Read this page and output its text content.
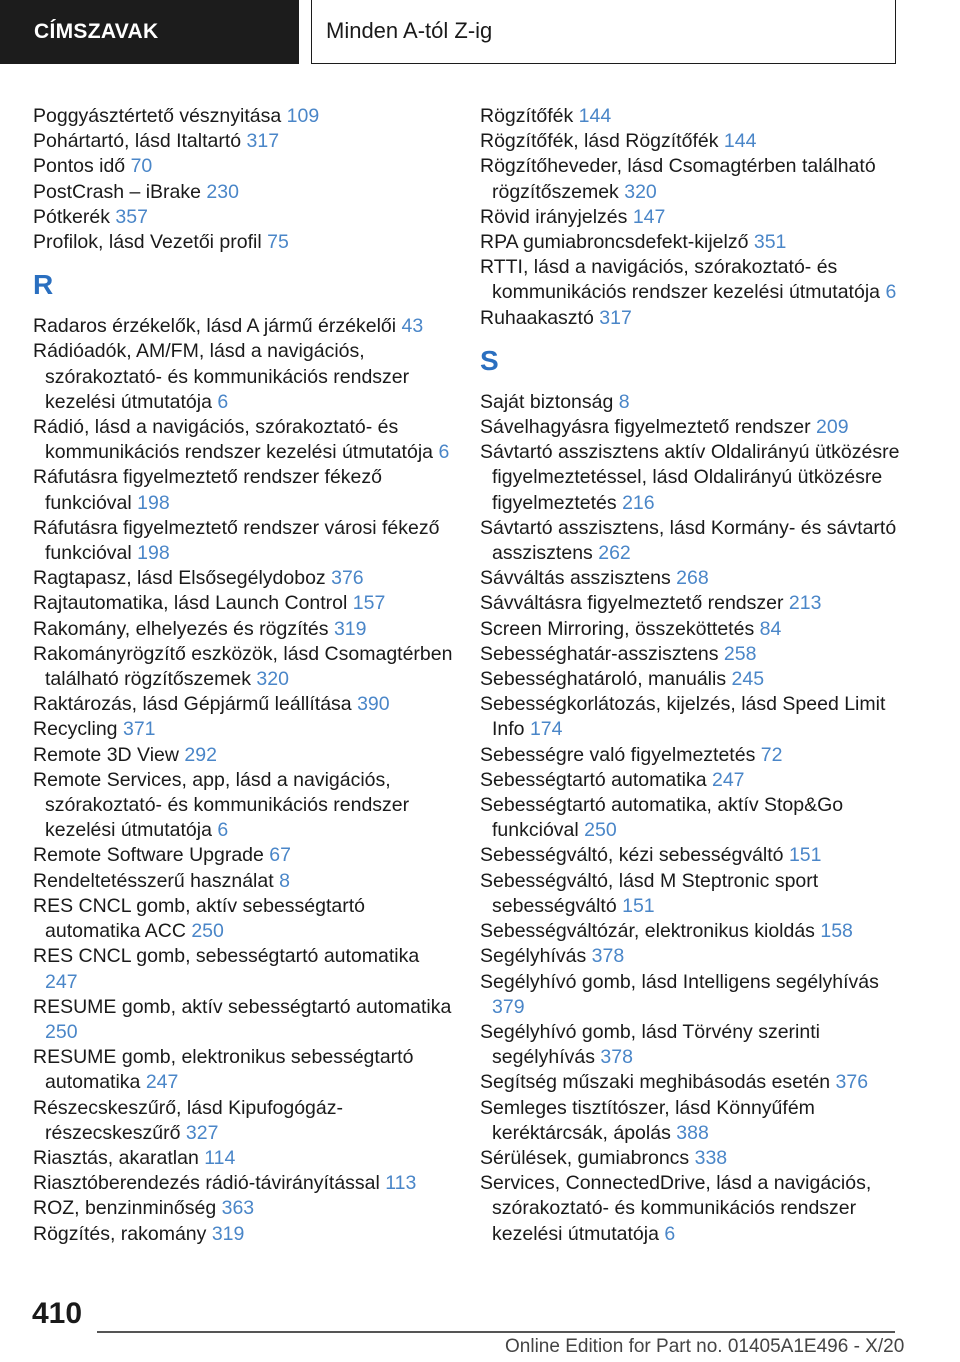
CÍMSZAVAK	Minden A-tól Z-ig
Poggyásztértető vésznyitása 109
Pohártartó, lásd Italtartó 317
Pontos idő 70
PostCrash – iBrake 230
Pótkerék 357
Profilok, lásd Vezetői profil 75
R
Radaros érzékelők, lásd A jármű érzékelői 43
Rádióadók, AM/FM, lásd a navigációs, szórakoztató- és kommunikációs rendszer kezelési útmutatója 6
Rádió, lásd a navigációs, szórakoztató- és kommunikációs rendszer kezelési útmutatója 6
Ráfutásra figyelmeztető rendszer fékező funkcióval 198
Ráfutásra figyelmeztető rendszer városi fékező funkcióval 198
Ragtapasz, lásd Elsősegélydoboz 376
Rajtautomatika, lásd Launch Control 157
Rakomány, elhelyezés és rögzítés 319
Rakományrögzítő eszközök, lásd Csomagtérben található rögzítőszemek 320
Raktározás, lásd Gépjármű leállítása 390
Recycling 371
Remote 3D View 292
Remote Services, app, lásd a navigációs, szórakoztató- és kommunikációs rendszer kezelési útmutatója 6
Remote Software Upgrade 67
Rendeltetésszerű használat 8
RES CNCL gomb, aktív sebességtartó automatika ACC 250
RES CNCL gomb, sebességtartó automatika 247
RESUME gomb, aktív sebességtartó automatika 250
RESUME gomb, elektronikus sebességtartó automatika 247
Részecskeszűrő, lásd Kipufogógáz-részecskeszűrő 327
Riasztás, akaratlan 114
Riasztóberendezés rádió-távirányítással 113
ROZ, benzinminőség 363
Rögzítés, rakomány 319
Rögzítőfék 144
Rögzítőfék, lásd Rögzítőfék 144
Rögzítőheveder, lásd Csomagtérben található rögzítőszemek 320
Rövid irányjelzés 147
RPA gumiabroncsdefekt-kijelző 351
RTTI, lásd a navigációs, szórakoztató- és kommunikációs rendszer kezelési útmutatója 6
Ruhaakasztó 317
S
Saját biztonság 8
Sávelhagyásra figyelmeztető rendszer 209
Sávtartó asszisztens aktív Oldalirányú ütközésre figyelmeztetéssel, lásd Oldalirányú ütközésre figyelmeztetés 216
Sávtartó asszisztens, lásd Kormány- és sávtartó asszisztens 262
Sávváltás asszisztens 268
Sávváltásra figyelmeztető rendszer 213
Screen Mirroring, összeköttetés 84
Sebességhatár-asszisztens 258
Sebességhatároló, manuális 245
Sebességkorlátozás, kijelzés, lásd Speed Limit Info 174
Sebességre való figyelmeztetés 72
Sebességtartó automatika 247
Sebességtartó automatika, aktív Stop&Go funkcióval 250
Sebességváltó, kézi sebességváltó 151
Sebességváltó, lásd M Steptronic sport sebességváltó 151
Sebességváltózár, elektronikus kioldás 158
Segélyhívás 378
Segélyhívó gomb, lásd Intelligens segélyhívás 379
Segélyhívó gomb, lásd Törvény szerinti segélyhívás 378
Segítség műszaki meghibásodás esetén 376
Semleges tisztítószer, lásd Könnyűfém keréktárcsák, ápolás 388
Sérülések, gumiabroncs 338
Services, ConnectedDrive, lásd a navigációs, szórakoztató- és kommunikációs rendszer kezelési útmutatója 6
410
Online Edition for Part no. 01405A1E496 - X/20
